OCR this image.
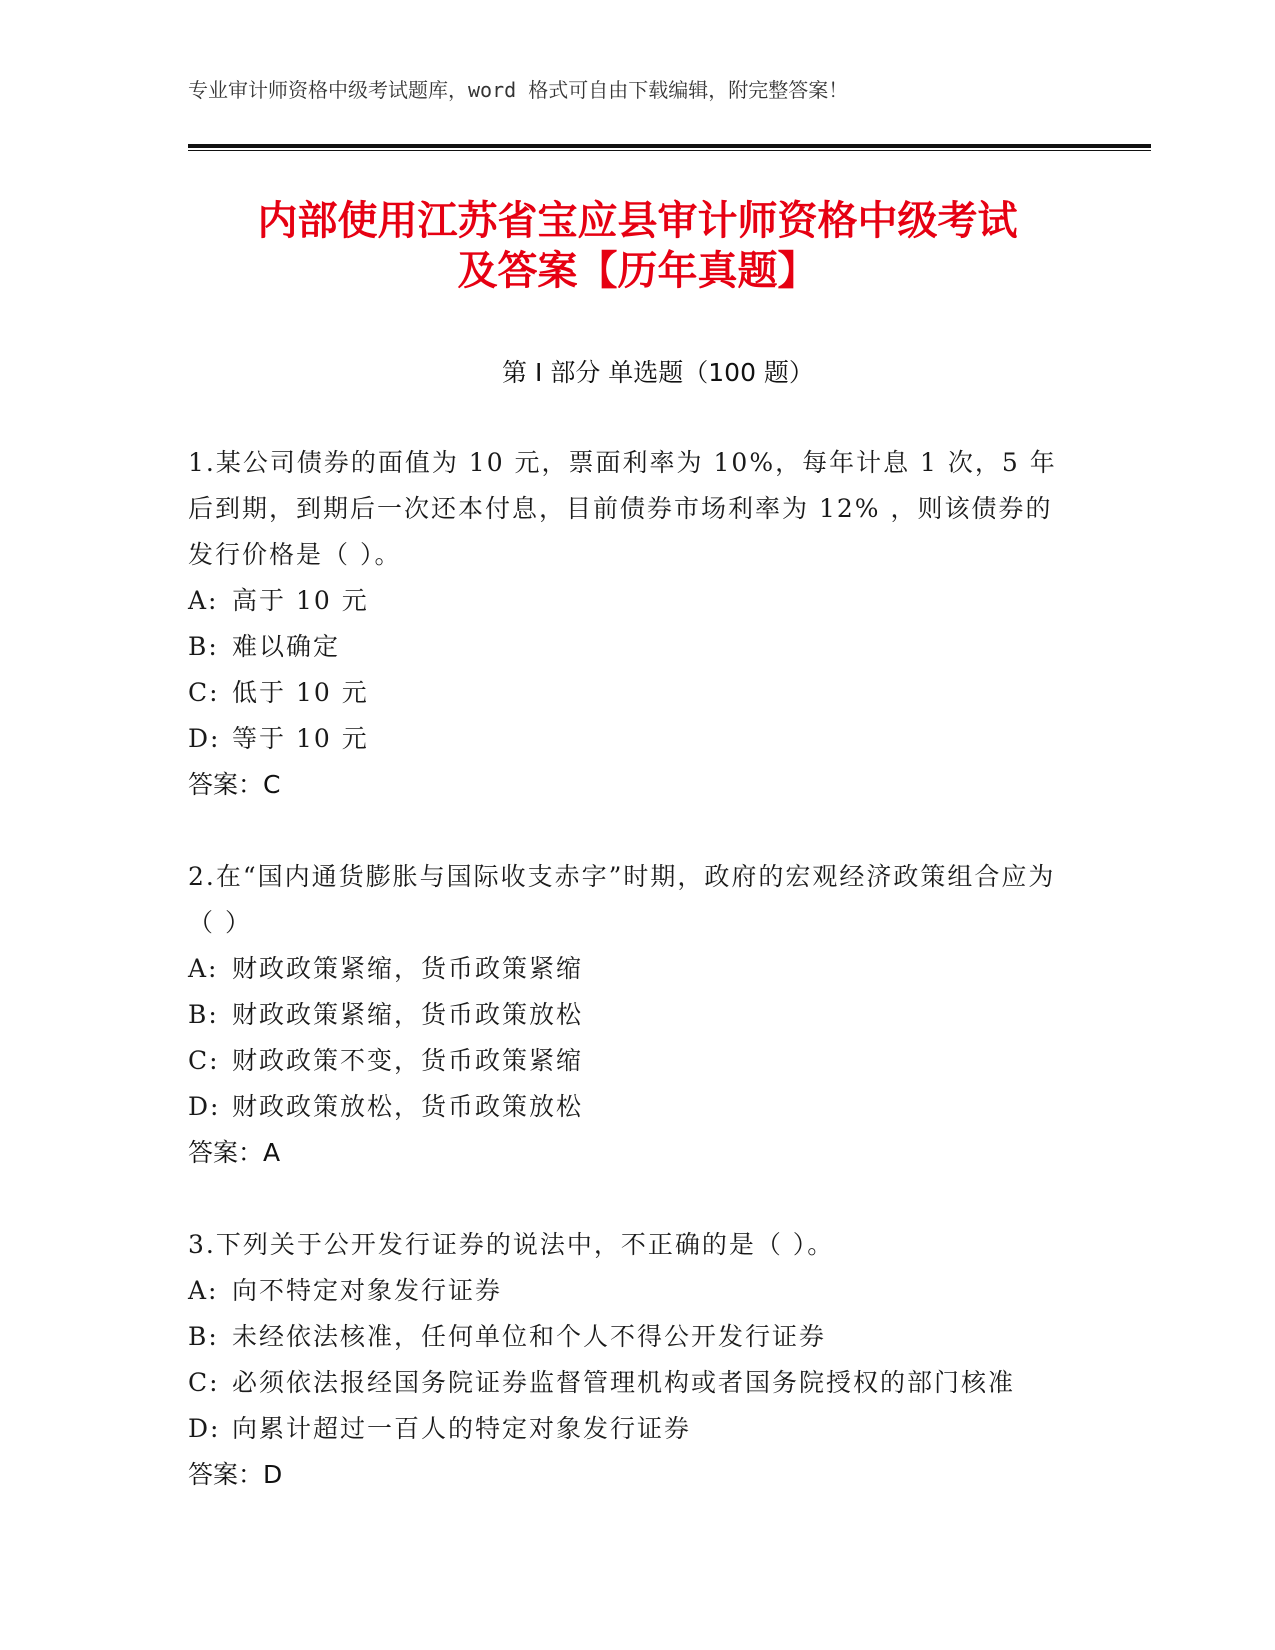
专业审计师资格中级考试题库，word 格式可自由下载编辑，附完整答案！
内部使用江苏省宝应县审计师资格中级考试
及答案【历年真题】
第 I 部分 单选题（100 题）

1.某公司债券的面值为 10 元，票面利率为 10%，每年计息 1 次，5 年后到期，到期后一次还本付息，目前债券市场利率为 12% ，则该债券的发行价格是（ ）。

A: 高于 10 元

B: 难以确定

C: 低于 10 元

D: 等于 10 元

答案：C

2.在“国内通货膨胀与国际收支赤字”时期，政府的宏观经济政策组合应为（ ）

A: 财政政策紧缩，货币政策紧缩

B: 财政政策紧缩，货币政策放松

C: 财政政策不变，货币政策紧缩

D: 财政政策放松，货币政策放松

答案：A

3.下列关于公开发行证券的说法中，不正确的是（ ）。

A: 向不特定对象发行证券

B: 未经依法核准，任何单位和个人不得公开发行证券

C: 必须依法报经国务院证券监督管理机构或者国务院授权的部门核准

D: 向累计超过一百人的特定对象发行证券

答案：D
